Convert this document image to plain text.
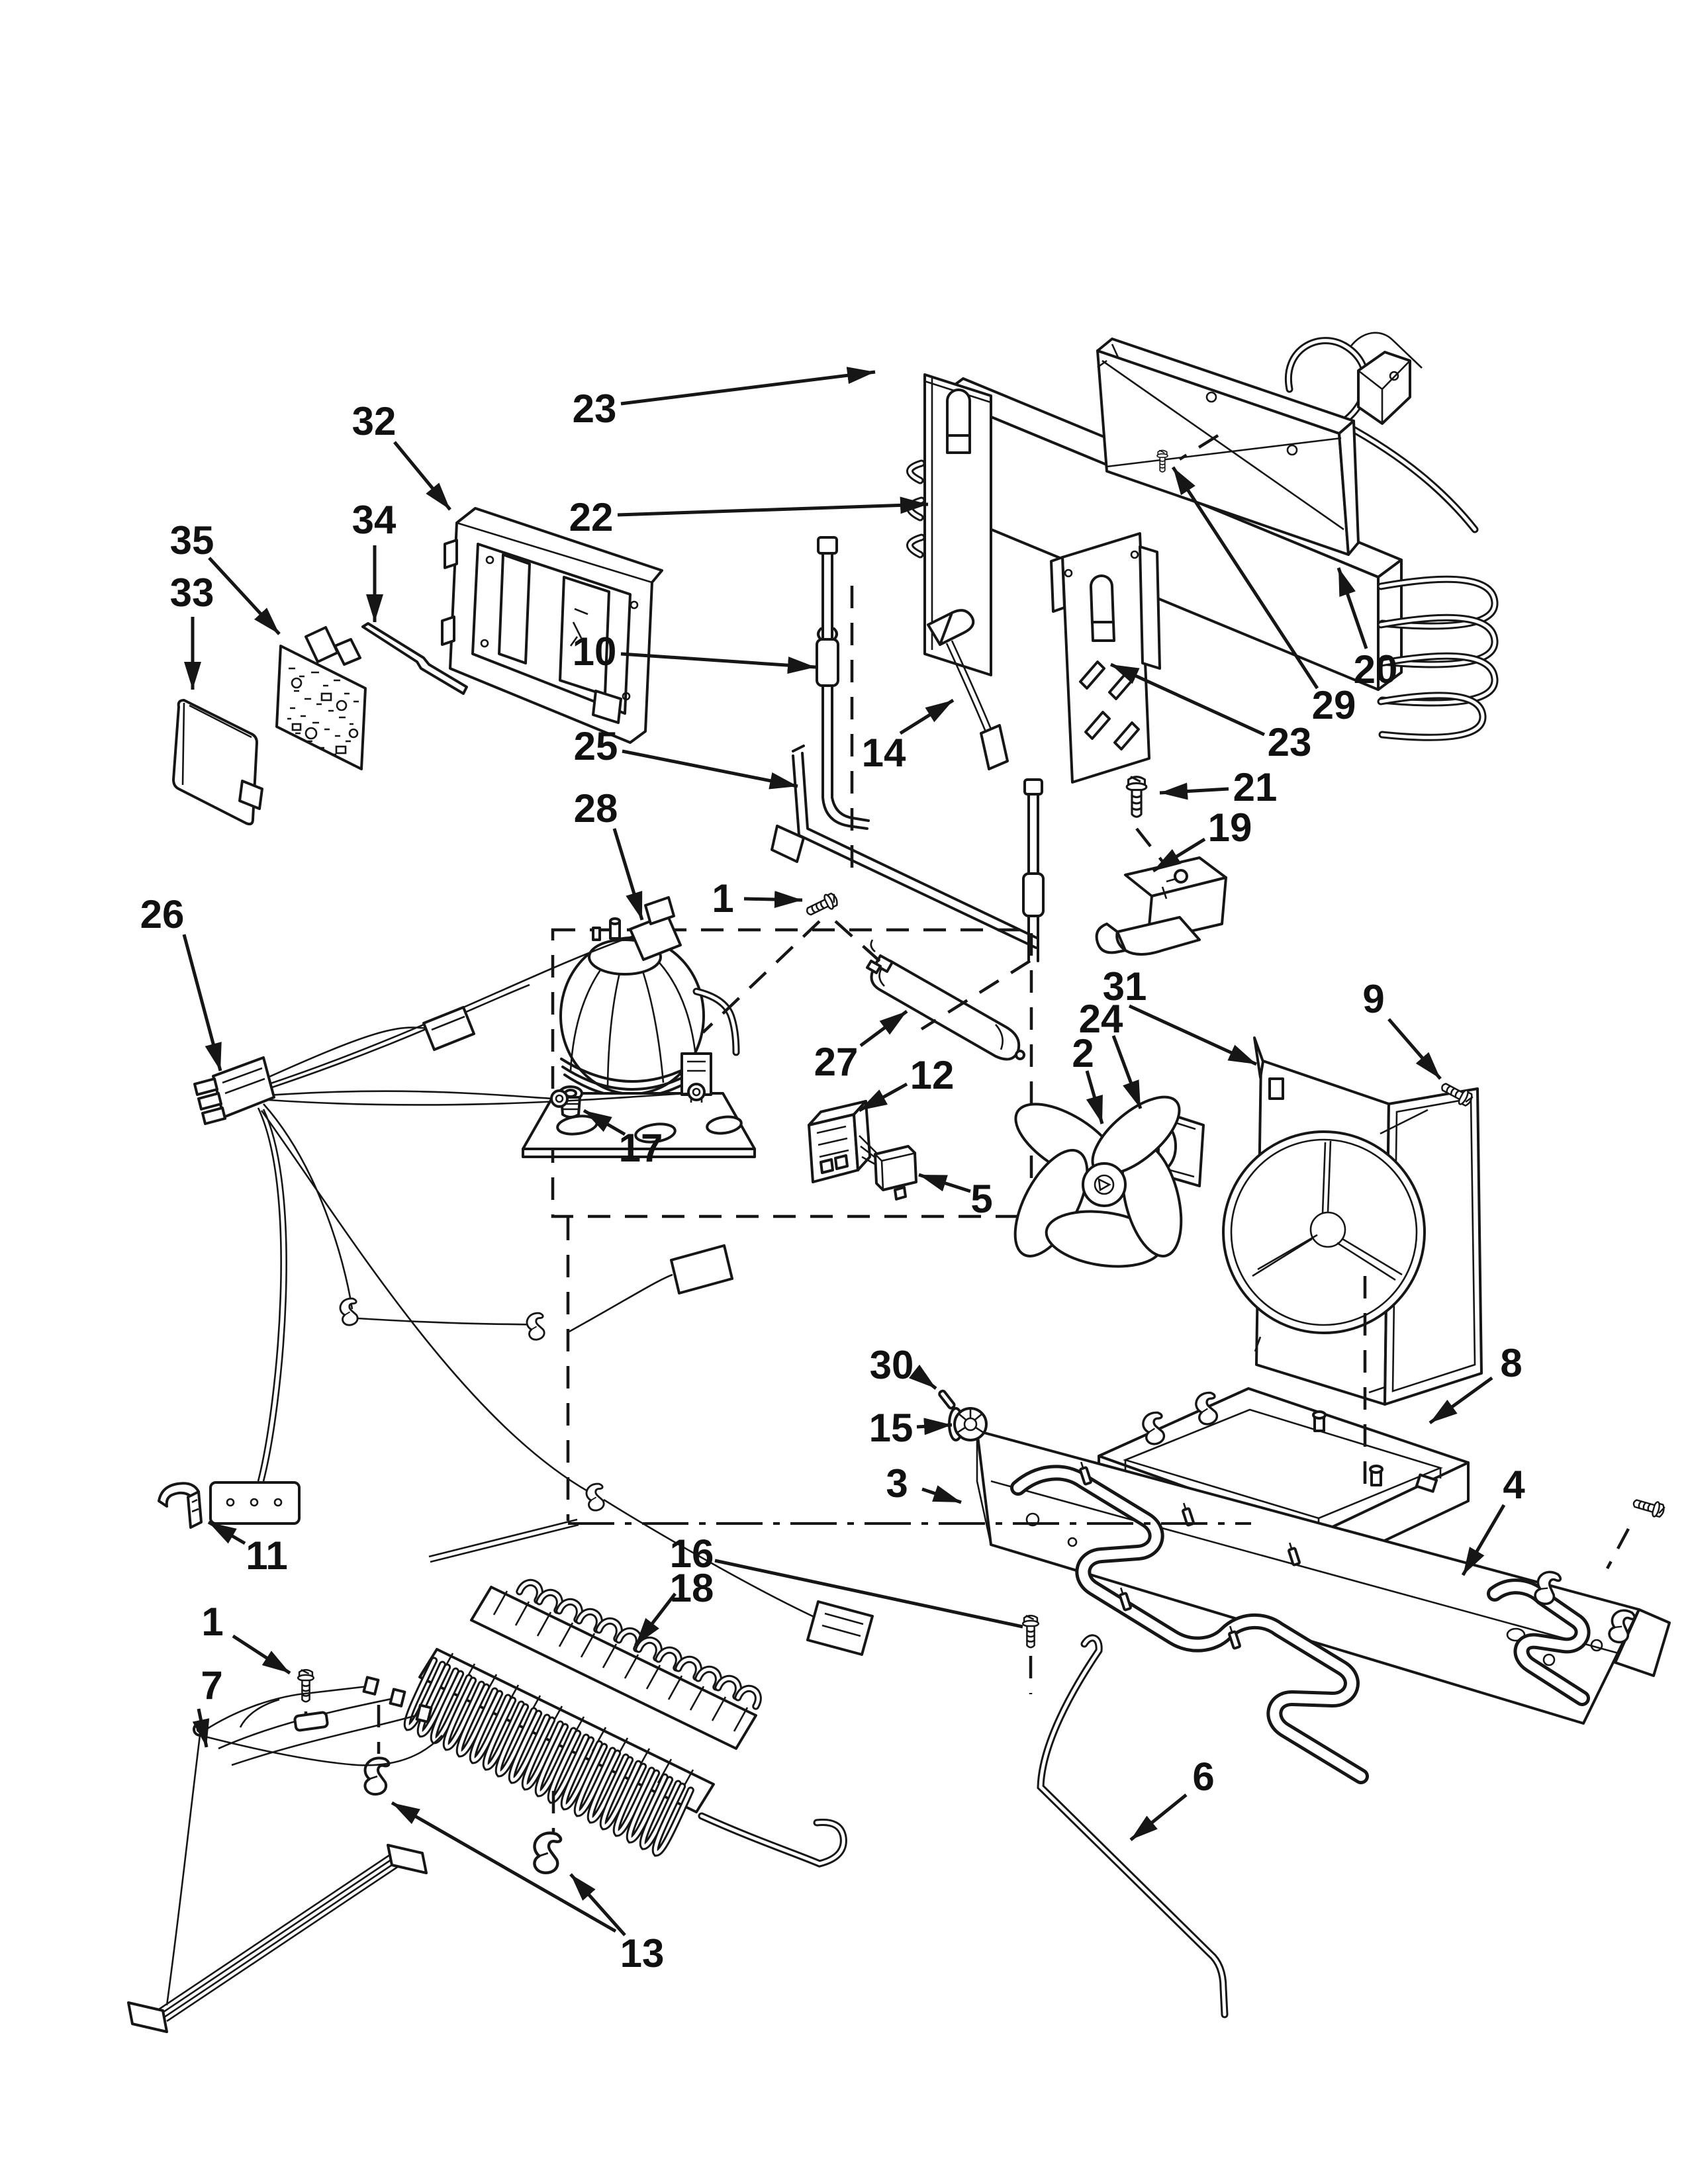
23
22
10
25
28
14
32
34
35
33
20
29
23
21
19
1
26
27 12
5
17
31
24	9
2
30
15
3
8
4
16
18
11
1
7
13
6
